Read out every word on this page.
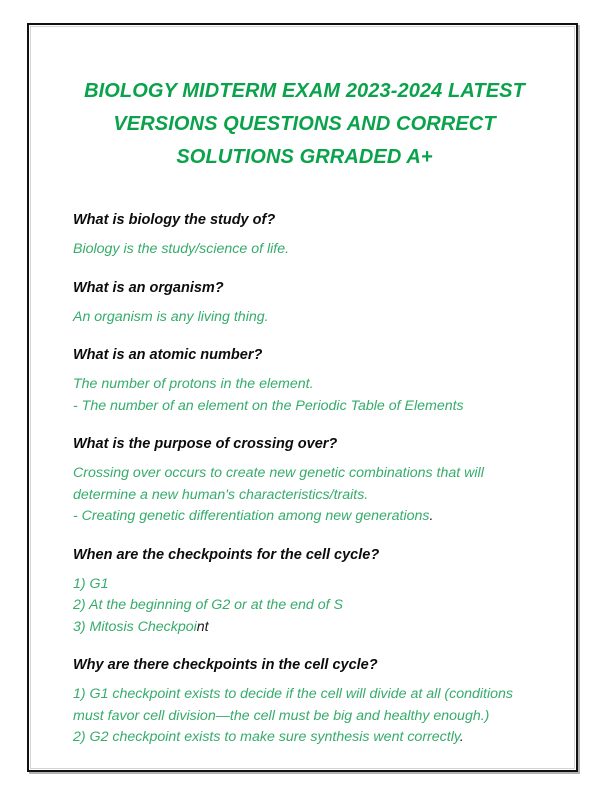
BIOLOGY MIDTERM EXAM 2023-2024 LATEST
VERSIONS QUESTIONS AND CORRECT
SOLUTIONS GRRADED A+

What is biology the study of?

Biology is the study/science of life.

What is an organism?

An organism is any living thing.

What is an atomic number?

The number of protons in the element.
- The number of an element on the Periodic Table of Elements

What is the purpose of crossing over?

Crossing over occurs to create new genetic combinations that will
determine a new human's characteristics/traits.
- Creating genetic differentiation among new generations.

When are the checkpoints for the cell cycle?

1) G1
2) At the beginning of G2 or at the end of S
3) Mitosis Checkpoint

Why are there checkpoints in the cell cycle?

1) G1 checkpoint exists to decide if the cell will divide at all (conditions
must favor cell division—the cell must be big and healthy enough.)
2) G2 checkpoint exists to make sure synthesis went correctly.
